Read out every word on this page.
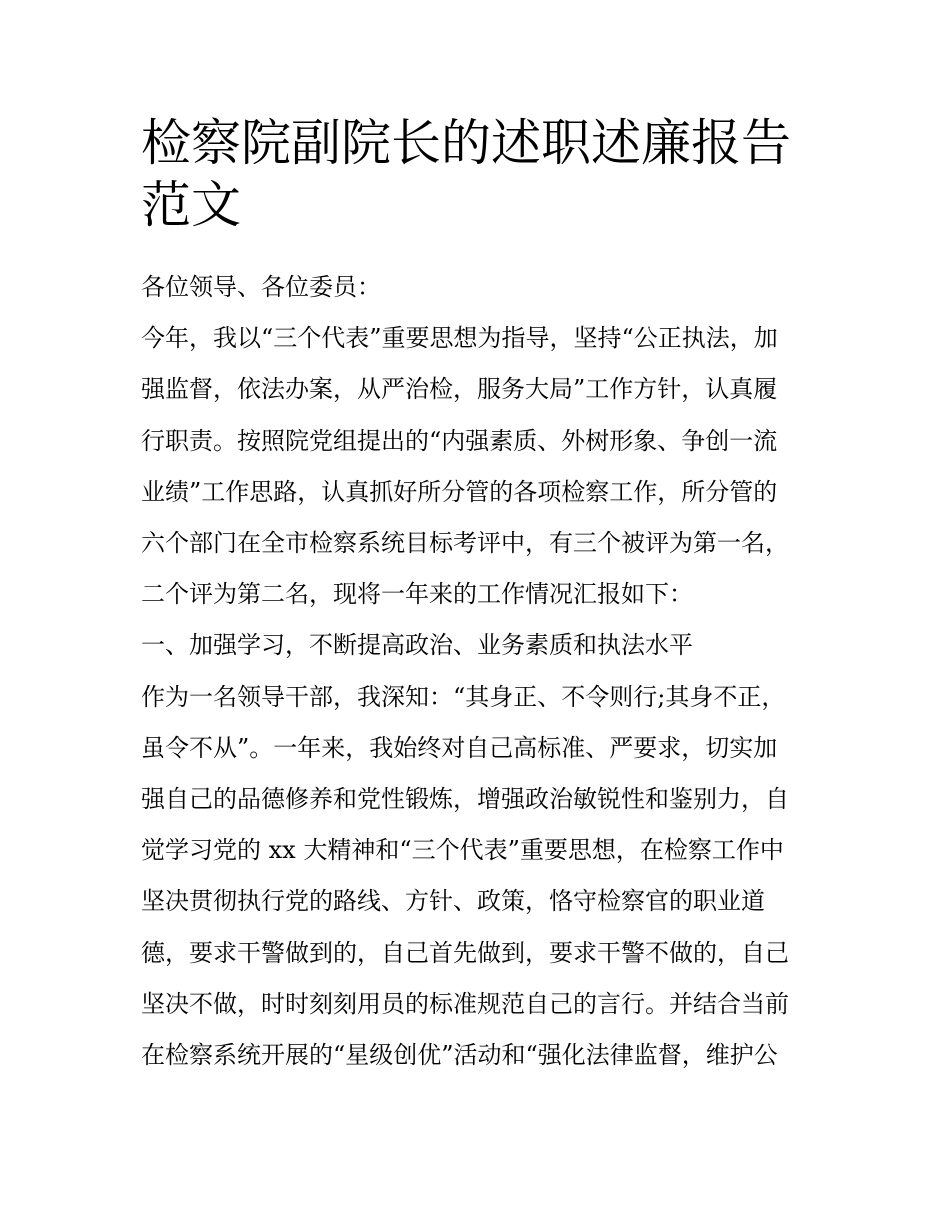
检察院副院长的述职述廉报告
范文
各位领导、各位委员：
今年，我以“三个代表”重要思想为指导，坚持“公正执法，加
强监督，依法办案，从严治检，服务大局”工作方针，认真履
行职责。按照院党组提出的“内强素质、外树形象、争创一流
业绩”工作思路，认真抓好所分管的各项检察工作，所分管的
六个部门在全市检察系统目标考评中，有三个被评为第一名，
二个评为第二名，现将一年来的工作情况汇报如下：
一、加强学习，不断提高政治、业务素质和执法水平
作为一名领导干部，我深知：“其身正、不令则行;其身不正，
虽令不从”。一年来，我始终对自己高标准、严要求，切实加
强自己的品德修养和党性锻炼，增强政治敏锐性和鉴别力，自
觉学习党的 xx 大精神和“三个代表”重要思想，在检察工作中
坚决贯彻执行党的路线、方针、政策，恪守检察官的职业道
德，要求干警做到的，自己首先做到，要求干警不做的，自己
坚决不做，时时刻刻用员的标准规范自己的言行。并结合当前
在检察系统开展的“星级创优”活动和“强化法律监督，维护公
